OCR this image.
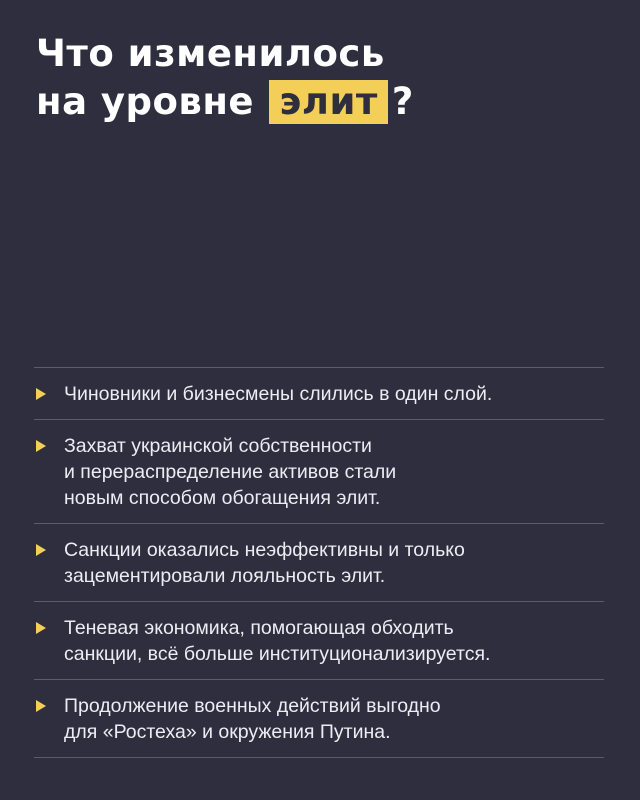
Что изменилось
на уровне элит ?
Чиновники и бизнесмены слились в один слой.
Захват украинской собственности
и перераспределение активов стали
новым способом обогащения элит.
Санкции оказались неэффективны и только
зацементировали лояльность элит.
Теневая экономика, помогающая обходить
санкции, всё больше институционализируется.
Продолжение военных действий выгодно
для «Ростеха» и окружения Путина.
